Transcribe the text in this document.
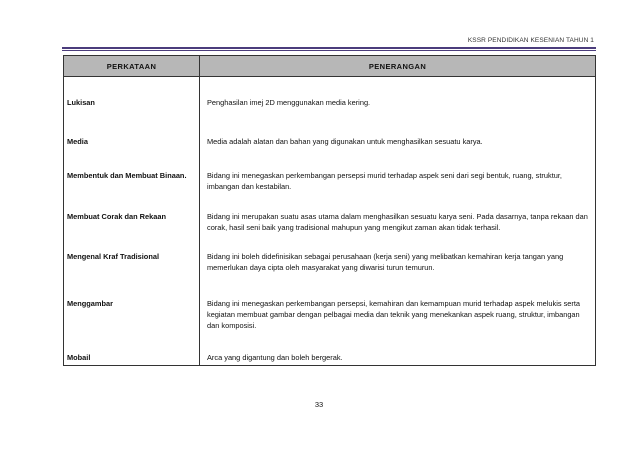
KSSR PENDIDIKAN KESENIAN TAHUN 1
PERKATAAN	PENERANGAN
Lukisan	Penghasilan imej 2D menggunakan media kering.
Media	Media adalah alatan dan bahan yang digunakan untuk menghasilkan sesuatu karya.
Membentuk dan Membuat Binaan.	Bidang ini menegaskan perkembangan persepsi murid terhadap aspek seni dari segi bentuk, ruang, struktur, imbangan dan kestabilan.
Membuat Corak dan Rekaan	Bidang ini merupakan suatu asas utama dalam menghasilkan sesuatu karya seni. Pada dasarnya, tanpa rekaan dan corak, hasil seni baik yang tradisional mahupun yang mengikut zaman akan tidak terhasil.
Mengenal Kraf Tradisional	Bidang ini boleh didefinisikan sebagai perusahaan (kerja seni) yang melibatkan kemahiran kerja tangan yang memerlukan daya cipta oleh masyarakat yang diwarisi turun temurun.
Menggambar	Bidang ini menegaskan perkembangan persepsi, kemahiran dan kemampuan murid terhadap aspek melukis serta kegiatan membuat gambar dengan pelbagai media dan teknik yang menekankan aspek ruang, struktur, imbangan dan komposisi.
Mobail	Arca yang digantung dan boleh bergerak.
33
